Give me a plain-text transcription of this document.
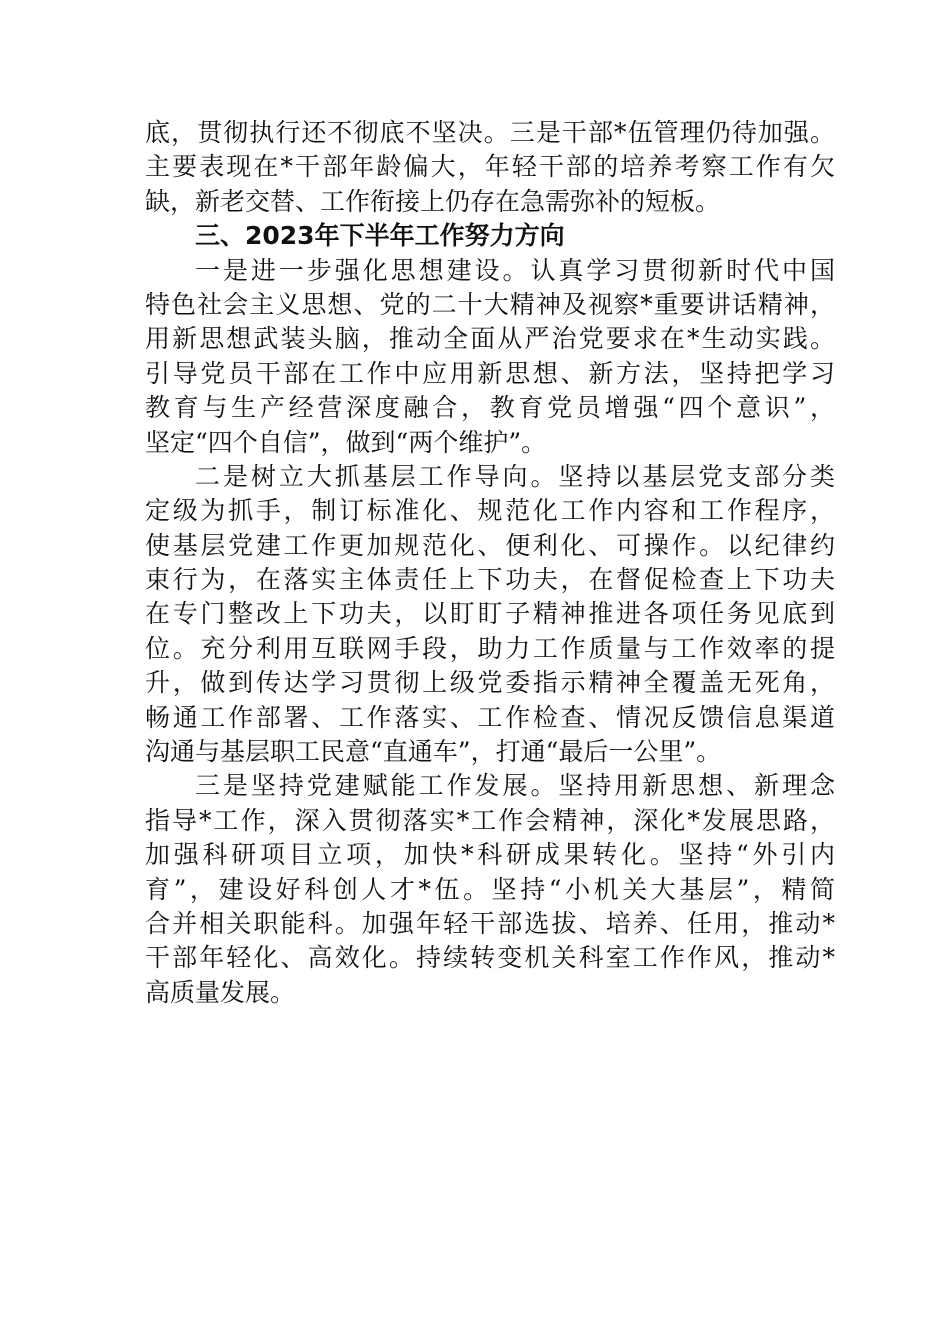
底，贯彻执行还不彻底不坚决。三是干部*伍管理仍待加强。
主要表现在*干部年龄偏大，年轻干部的培养考察工作有欠
缺，新老交替、工作衔接上仍存在急需弥补的短板。
三、2023年下半年工作努力方向
一是进一步强化思想建设。认真学习贯彻新时代中国
特色社会主义思想、党的二十大精神及视察*重要讲话精神，
用新思想武装头脑，推动全面从严治党要求在*生动实践。
引导党员干部在工作中应用新思想、新方法，坚持把学习
教育与生产经营深度融合，教育党员增强“四个意识”，
坚定“四个自信”，做到“两个维护”。
二是树立大抓基层工作导向。坚持以基层党支部分类
定级为抓手，制订标准化、规范化工作内容和工作程序，
使基层党建工作更加规范化、便利化、可操作。以纪律约
束行为，在落实主体责任上下功夫，在督促检查上下功夫
在专门整改上下功夫，以盯盯子精神推进各项任务见底到
位。充分利用互联网手段，助力工作质量与工作效率的提
升，做到传达学习贯彻上级党委指示精神全覆盖无死角，
畅通工作部署、工作落实、工作检查、情况反馈信息渠道
沟通与基层职工民意“直通车”，打通“最后一公里”。
三是坚持党建赋能工作发展。坚持用新思想、新理念
指导*工作，深入贯彻落实*工作会精神，深化*发展思路，
加强科研项目立项，加快*科研成果转化。坚持“外引内
育”，建设好科创人才*伍。坚持“小机关大基层”，精简
合并相关职能科。加强年轻干部选拔、培养、任用，推动*
干部年轻化、高效化。持续转变机关科室工作作风，推动*
高质量发展。
